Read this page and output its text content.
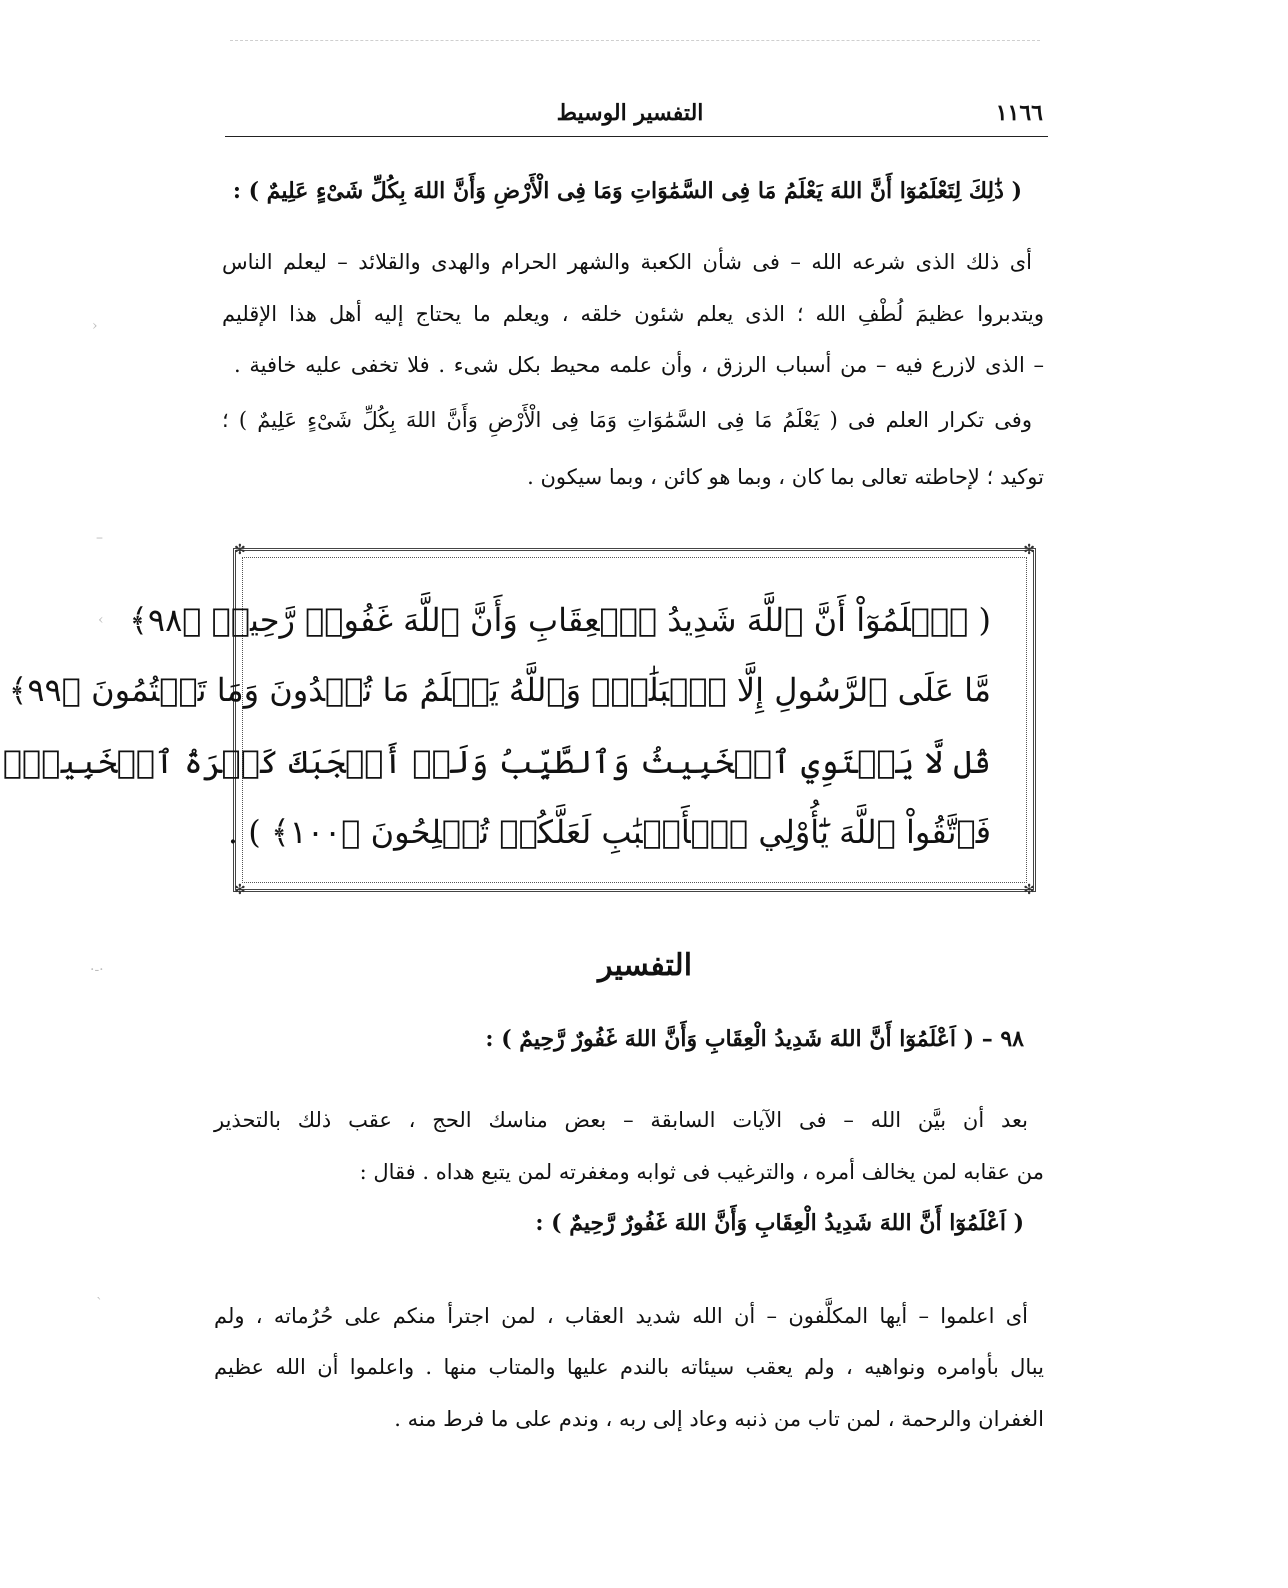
›
–
‹
·-·
ˋ
١١٦٦
التفسير الوسيط
( ذَٰلِكَ لِتَعْلَمُوٓا أَنَّ اللهَ يَعْلَمُ مَا فِى السَّمَٰوَاتِ وَمَا فِى الْأَرْضِ وَأَنَّ اللهَ بِكُلِّ شَىْءٍ عَلِيمٌ ) :
أى ذلك الذى شرعه الله – فى شأن الكعبة والشهر الحرام والهدى والقلائد – ليعلم الناس
ويتدبروا عظيمَ لُطْفِ الله ؛ الذى يعلم شئون خلقه ، ويعلم ما يحتاج إليه أهل هذا الإقليم
– الذى لازرع فيه – من أسباب الرزق ، وأن علمه محيط بكل شىء . فلا تخفى عليه خافية .
وفى تكرار العلم فى ( يَعْلَمُ مَا فِى السَّمَٰوَاتِ وَمَا فِى الْأَرْضِ وَأَنَّ اللهَ بِكُلِّ شَىْءٍ عَلِيمٌ ) ؛
توكيد ؛ لإحاطته تعالى بما كان ، وبما هو كائن ، وبما سيكون .
✻	✻
✻	✻
( ٱعۡلَمُوٓاْ أَنَّ ٱللَّهَ شَدِيدُ ٱلۡعِقَابِ وَأَنَّ ٱللَّهَ غَفُورٞ رَّحِيمٞ ﴿٩٨﴾
مَّا عَلَى ٱلرَّسُولِ إِلَّا ٱلۡبَلَٰغُۗ وَٱللَّهُ يَعۡلَمُ مَا تُبۡدُونَ وَمَا تَكۡتُمُونَ ﴿٩٩﴾
قُل لَّا يَسۡتَوِي ٱلۡخَبِيثُ وَٱلطَّيِّبُ وَلَوۡ أَعۡجَبَكَ كَثۡرَةُ ٱلۡخَبِيثِۚ
فَٱتَّقُواْ ٱللَّهَ يَٰٓأُوْلِي ٱلۡأَلۡبَٰبِ لَعَلَّكُمۡ تُفۡلِحُونَ ﴿١٠٠﴾ ) .
التفسير
٩٨ – ( اَعْلَمُوٓا أَنَّ اللهَ شَدِيدُ الْعِقَابِ وَأَنَّ اللهَ غَفُورٌ رَّحِيمٌ ) :
بعد أن بيَّن الله – فى الآيات السابقة – بعض مناسك الحج ، عقب ذلك بالتحذير
من عقابه لمن يخالف أمره ، والترغيب فى ثوابه ومغفرته لمن يتبع هداه . فقال :
( اَعْلَمُوٓا أَنَّ اللهَ شَدِيدُ الْعِقَابِ وَأَنَّ اللهَ غَفُورٌ رَّحِيمٌ ) :
أى اعلموا – أيها المكلَّفون – أن الله شديد العقاب ، لمن اجترأ منكم على حُرُماته ، ولم
يبال بأوامره ونواهيه ، ولم يعقب سيئاته بالندم عليها والمتاب منها . واعلموا أن الله عظيم
الغفران والرحمة ، لمن تاب من ذنبه وعاد إلى ربه ، وندم على ما فرط منه .
